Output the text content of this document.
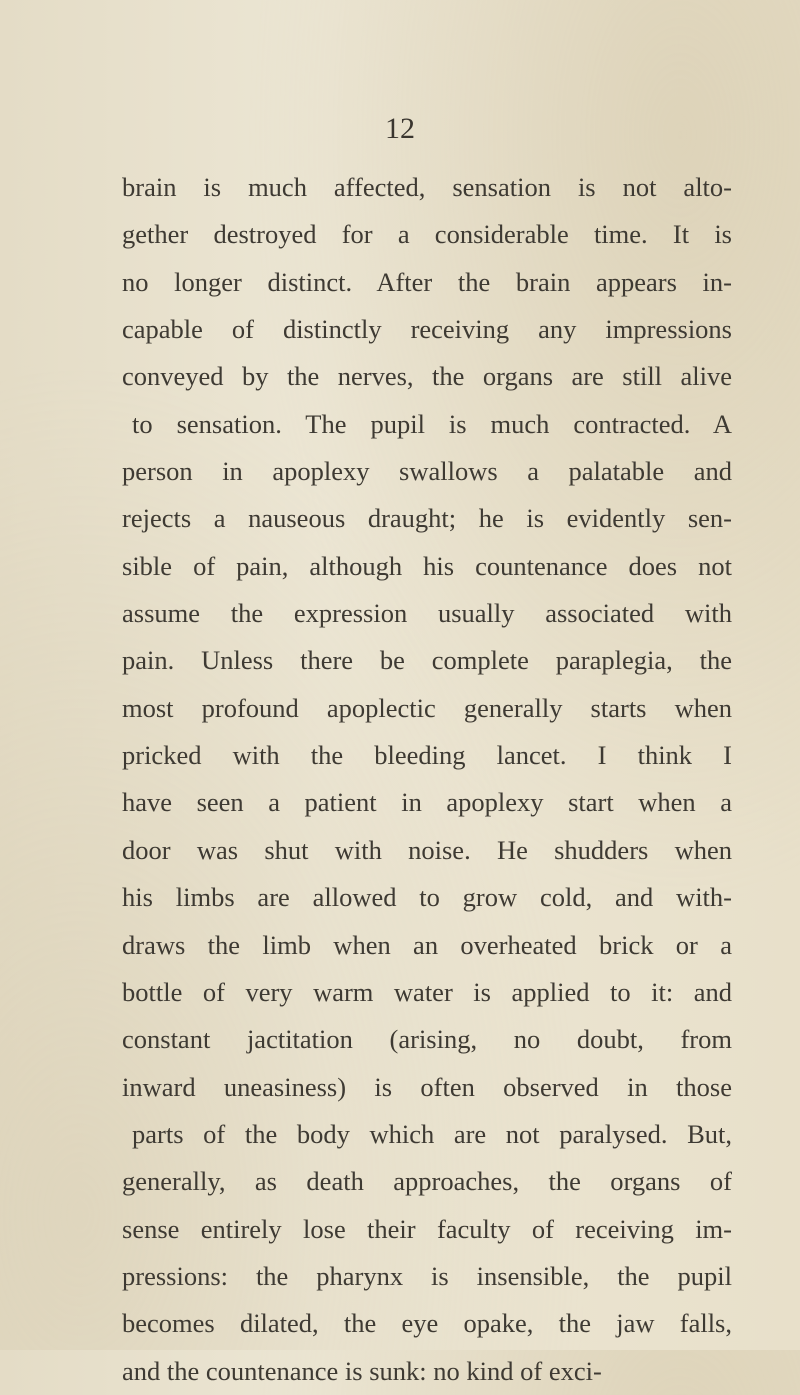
12
brain is much affected, sensation is not alto-
gether destroyed for a considerable time. It is
no longer distinct. After the brain appears in-
capable of distinctly receiving any impressions
conveyed by the nerves, the organs are still alive
to sensation. The pupil is much contracted. A
person in apoplexy swallows a palatable and
rejects a nauseous draught; he is evidently sen-
sible of pain, although his countenance does not
assume the expression usually associated with
pain. Unless there be complete paraplegia, the
most profound apoplectic generally starts when
pricked with the bleeding lancet. I think I
have seen a patient in apoplexy start when a
door was shut with noise. He shudders when
his limbs are allowed to grow cold, and with-
draws the limb when an overheated brick or a
bottle of very warm water is applied to it: and
constant jactitation (arising, no doubt, from
inward uneasiness) is often observed in those
parts of the body which are not paralysed. But,
generally, as death approaches, the organs of
sense entirely lose their faculty of receiving im-
pressions: the pharynx is insensible, the pupil
becomes dilated, the eye opake, the jaw falls,
and the countenance is sunk: no kind of exci-
